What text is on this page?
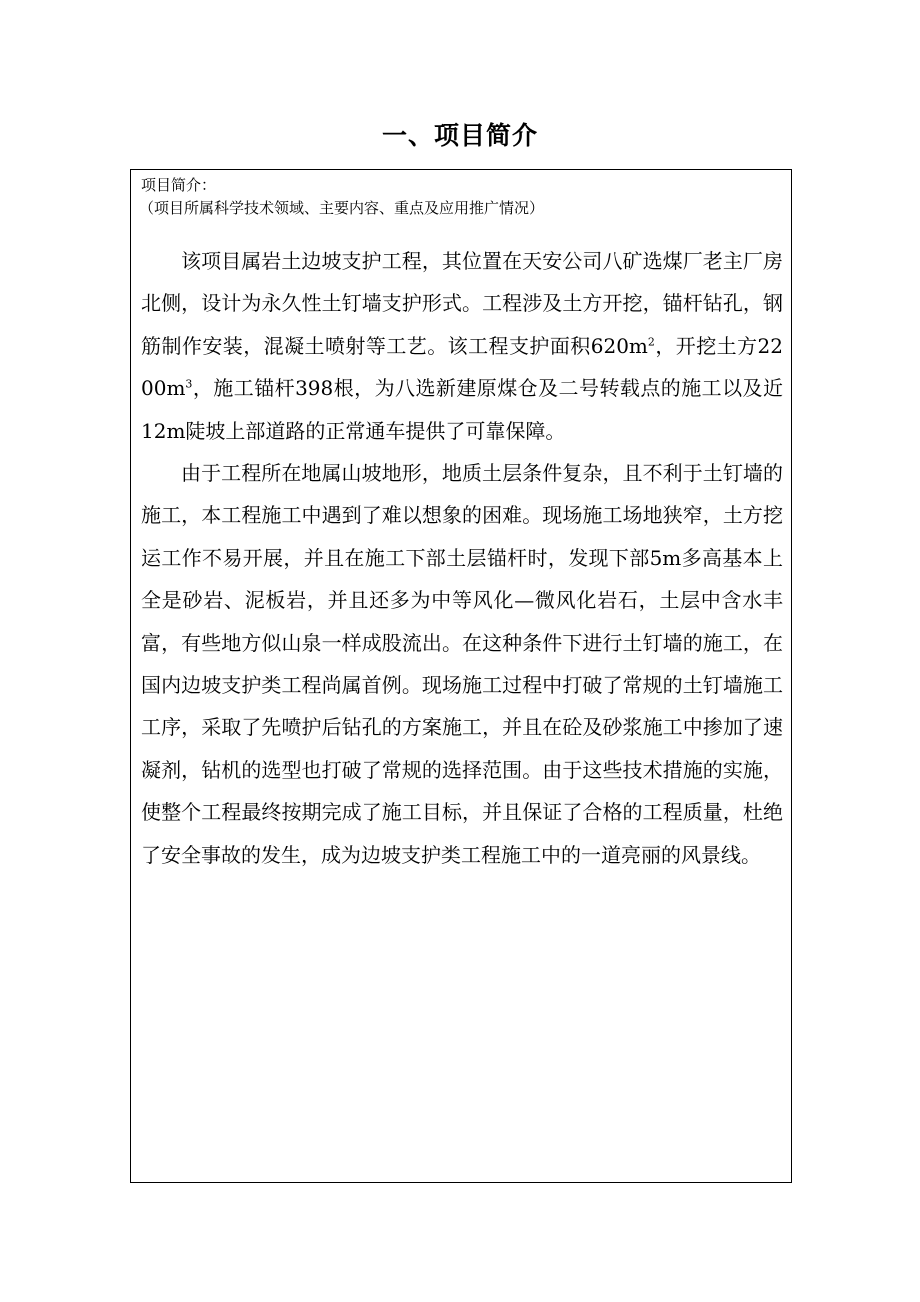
一、项目简介
项目简介：
（项目所属科学技术领域、主要内容、重点及应用推广情况）

该项目属岩土边坡支护工程，其位置在天安公司八矿选煤厂老主厂房北侧，设计为永久性土钉墙支护形式。工程涉及土方开挖，锚杆钻孔，钢筋制作安装，混凝土喷射等工艺。该工程支护面积$620m^2$，开挖土方$2200m^3$，施工锚杆398根，为八选新建原煤仓及二号转载点的施工以及近12m陡坡上部道路的正常通车提供了可靠保障。

由于工程所在地属山坡地形，地质土层条件复杂，且不利于土钉墙的施工，本工程施工中遇到了难以想象的困难。现场施工场地狭窄，土方挖运工作不易开展，并且在施工下部土层锚杆时，发现下部5m多高基本上全是砂岩、泥板岩，并且还多为中等风化—微风化岩石，土层中含水丰富，有些地方似山泉一样成股流出。在这种条件下进行土钉墙的施工，在国内边坡支护类工程尚属首例。现场施工过程中打破了常规的土钉墙施工工序，采取了先喷护后钻孔的方案施工，并且在砼及砂浆施工中掺加了速凝剂，钻机的选型也打破了常规的选择范围。由于这些技术措施的实施，使整个工程最终按期完成了施工目标，并且保证了合格的工程质量，杜绝了安全事故的发生，成为边坡支护类工程施工中的一道亮丽的风景线。
